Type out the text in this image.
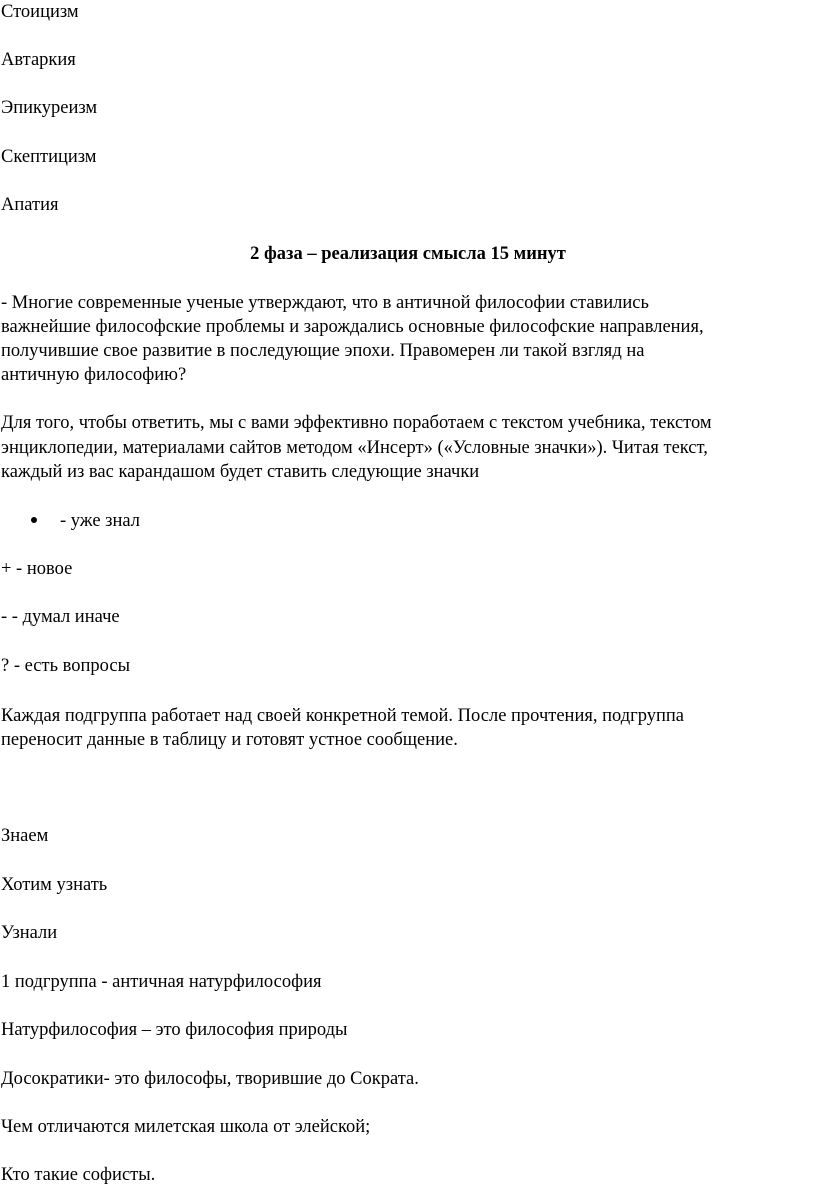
Стоицизм
Автаркия
Эпикуреизм
Скептицизм
Апатия
2 фаза – реализация смысла 15 минут
- Многие современные ученые утверждают, что в античной философии ставились
важнейшие философские проблемы и зарождались основные философские направления,
получившие свое развитие в последующие эпохи. Правомерен ли такой взгляд на
античную философию?
Для того, чтобы ответить, мы с вами эффективно поработаем с текстом учебника, текстом
энциклопедии, материалами сайтов методом «Инсерт» («Условные значки»). Читая текст,
каждый из вас карандашом будет ставить следующие значки
- уже знал
+ - новое
- - думал иначе
? - есть вопросы
Каждая подгруппа работает над своей конкретной темой. После прочтения, подгруппа
переносит данные в таблицу и готовят устное сообщение.
Знаем
Хотим узнать
Узнали
1 подгруппа - античная натурфилософия
Натурфилософия – это философия природы
Досократики- это философы, творившие до Сократа.
Чем отличаются милетская школа от элейской;
Кто такие софисты.
